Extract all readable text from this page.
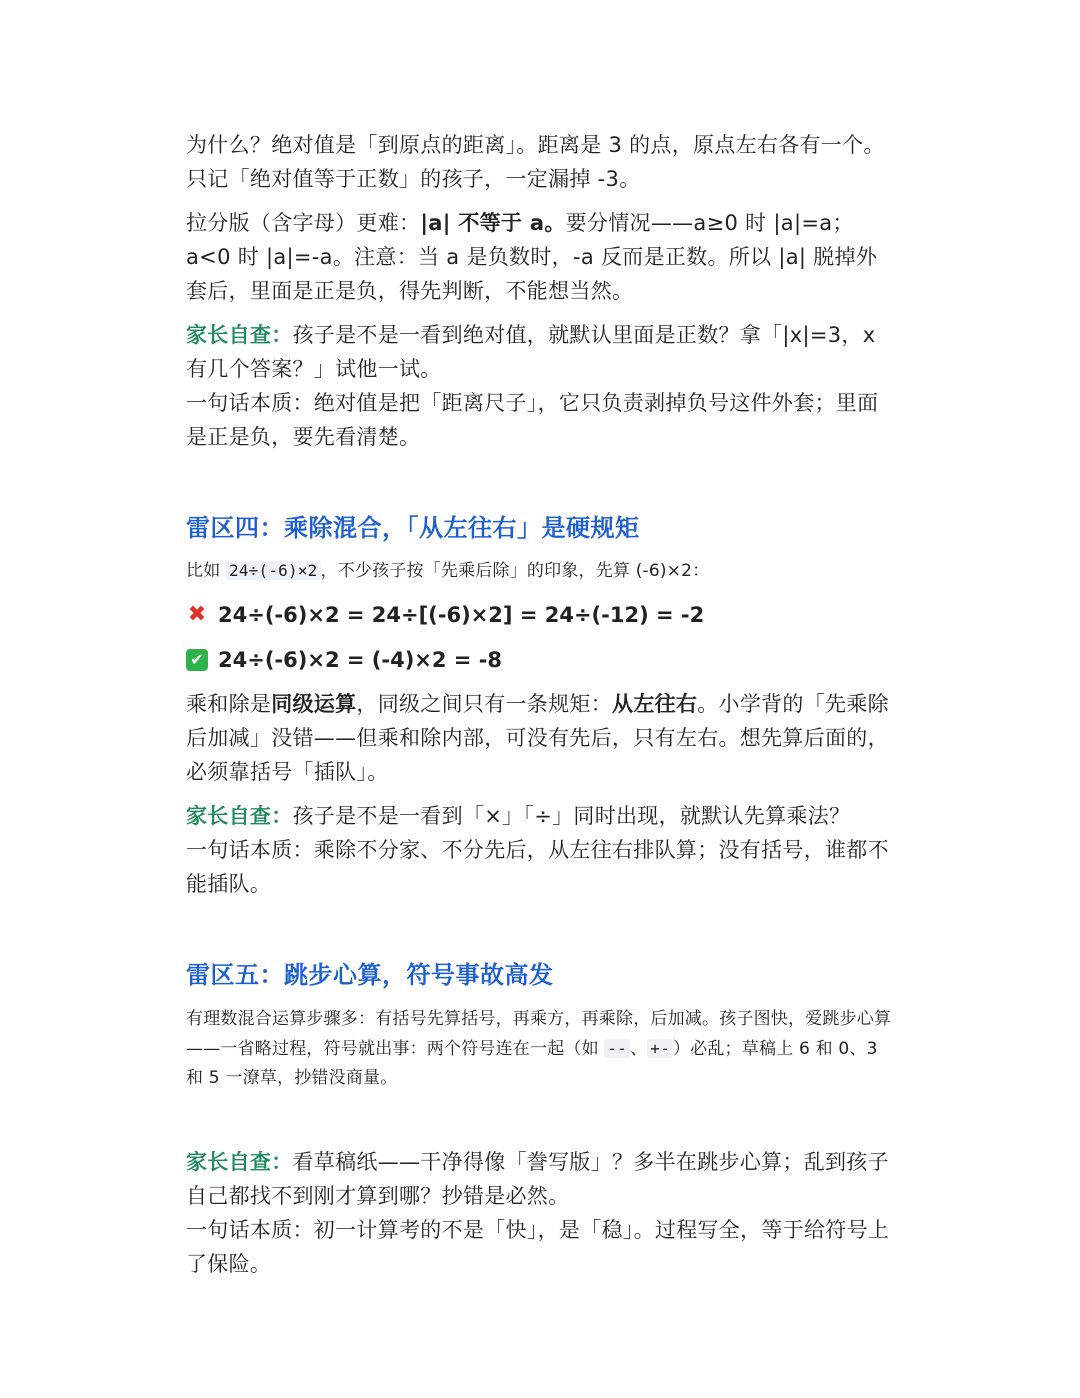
为什么？绝对值是「到原点的距离」。距离是 3 的点，原点左右各有一个。只记「绝对值等于正数」的孩子，一定漏掉 -3。

拉分版（含字母）更难：|a| 不等于 a。要分情况——a≥0 时 |a|=a；a<0 时 |a|=-a。注意：当 a 是负数时，-a 反而是正数。所以 |a| 脱掉外套后，里面是正是负，得先判断，不能想当然。

家长自查：孩子是不是一看到绝对值，就默认里面是正数？拿「|x|=3，x 有几个答案？」试他一试。

一句话本质：绝对值是把「距离尺子」，它只负责剥掉负号这件外套；里面是正是负，要先看清楚。

雷区四：乘除混合，「从左往右」是硬规矩

比如 24÷(-6)×2 ，不少孩子按「先乘后除」的印象，先算 (-6)×2：

✖ 24÷(-6)×2 = 24÷[(-6)×2] = 24÷(-12) = -2
✔ 24÷(-6)×2 = (-4)×2 = -8

乘和除是同级运算，同级之间只有一条规矩：从左往右。小学背的「先乘除后加减」没错——但乘和除内部，可没有先后，只有左右。想先算后面的，必须靠括号「插队」。

家长自查：孩子是不是一看到「×」「÷」同时出现，就默认先算乘法？

一句话本质：乘除不分家、不分先后，从左往右排队算；没有括号，谁都不能插队。

雷区五：跳步心算，符号事故高发

有理数混合运算步骤多：有括号先算括号，再乘方，再乘除，后加减。孩子图快，爱跳步心算——一省略过程，符号就出事：两个符号连在一起（如 -- 、 +- ）必乱；草稿上 6 和 0、3 和 5 一潦草，抄错没商量。

家长自查：看草稿纸——干净得像「誊写版」？多半在跳步心算；乱到孩子自己都找不到刚才算到哪？抄错是必然。

一句话本质：初一计算考的不是「快」，是「稳」。过程写全，等于给符号上了保险。
